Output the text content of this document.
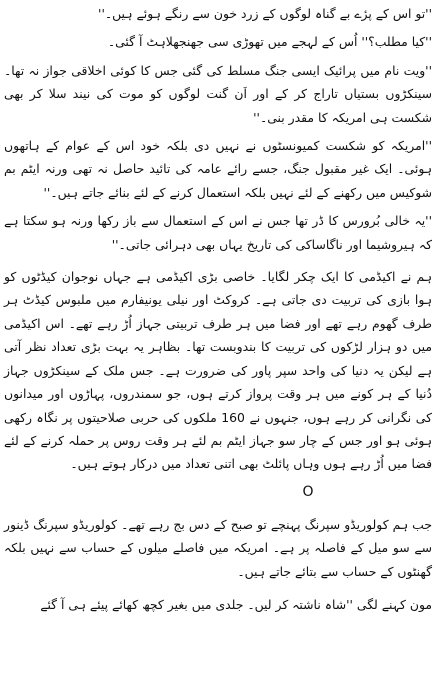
''تو اس کے پرٔے بے گناہ لوگوں کے زرد خون سے رنگے ہوئے ہیں۔''

''کیا مطلب؟'' اُس کے لہجے میں تھوڑی سی جھنجھلاہٹ آ گئی۔

''ویت نام میں پرائیک ایسی جنگ مسلط کی گئی جس کا کوئی اخلاقی جواز نہ تھا۔ سینکڑوں بستیاں تاراج کر کے اور اَن گنت لوگوں کو موت کی نیند سلا کر بھی شکست ہی امریکہ کا مقدر بنی۔''

''امریکہ کو شکست کمیونسٹوں نے نہیں دی بلکہ خود اس کے عوام کے ہاتھوں ہوئی۔ ایک غیر مقبول جنگ، جسے رائے عامہ کی تائید حاصل نہ تھی ورنہ ایٹم بم شوکیس میں رکھنے کے لئے نہیں بلکہ استعمال کرنے کے لئے بنائے جاتے ہیں۔''

''یہ خالی بُرورس کا ڈر تھا جس نے اس کے استعمال سے باز رکھا ورنہ ہو سکتا ہے کہ ہیروشیما اور ناگاساکی کی تاریخ یہاں بھی دہرائی جاتی۔''

ہم نے اکیڈمی کا ایک چکر لگایا۔ خاصی بڑی اکیڈمی ہے جہاں نوجوان کیڈٹوں کو ہوا بازی کی تربیت دی جاتی ہے۔ کروکٹ اور نیلی یونیفارم میں ملبوس کیڈٹ ہر طرف گھوم رہے تھے اور فضا میں ہر طرف تربیتی جہاز اُڑ رہے تھے۔ اس اکیڈمی میں دو ہزار لڑکوں کی تربیت کا بندوبست تھا۔ بظاہر یہ بہت بڑی تعداد نظر آتی ہے لیکن یہ دنیا کی واحد سپر پاور کی ضرورت ہے۔ جس ملک کے سینکڑوں جہاز دُنیا کے ہر کونے میں ہر وقت پرواز کرتے ہوں، جو سمندروں، پہاڑوں اور میدانوں کی نگرانی کر رہے ہوں، جنہوں نے 160 ملکوں کی حربی صلاحیتوں پر نگاہ رکھی ہوئی ہو اور جس کے چار سو جہاز ایٹم بم لئے ہر وقت روس پر حملہ کرنے کے لئے فضا میں اُڑ رہے ہوں وہاں پائلٹ بھی اتنی تعداد میں درکار ہوتے ہیں۔

O

جب ہم کولوریڈو سپرنگ پہنچے تو صبح کے دس بج رہے تھے۔ کولوریڈو سپرنگ ڈینور سے سو میل کے فاصلہ پر ہے۔ امریکہ میں فاصلے میلوں کے حساب سے نہیں بلکہ گھنٹوں کے حساب سے بتائے جاتے ہیں۔

مون کہنے لگی ''شاہ ناشتہ کر لیں۔ جلدی میں بغیر کچھ کھائے پیئے ہی آ گئے
